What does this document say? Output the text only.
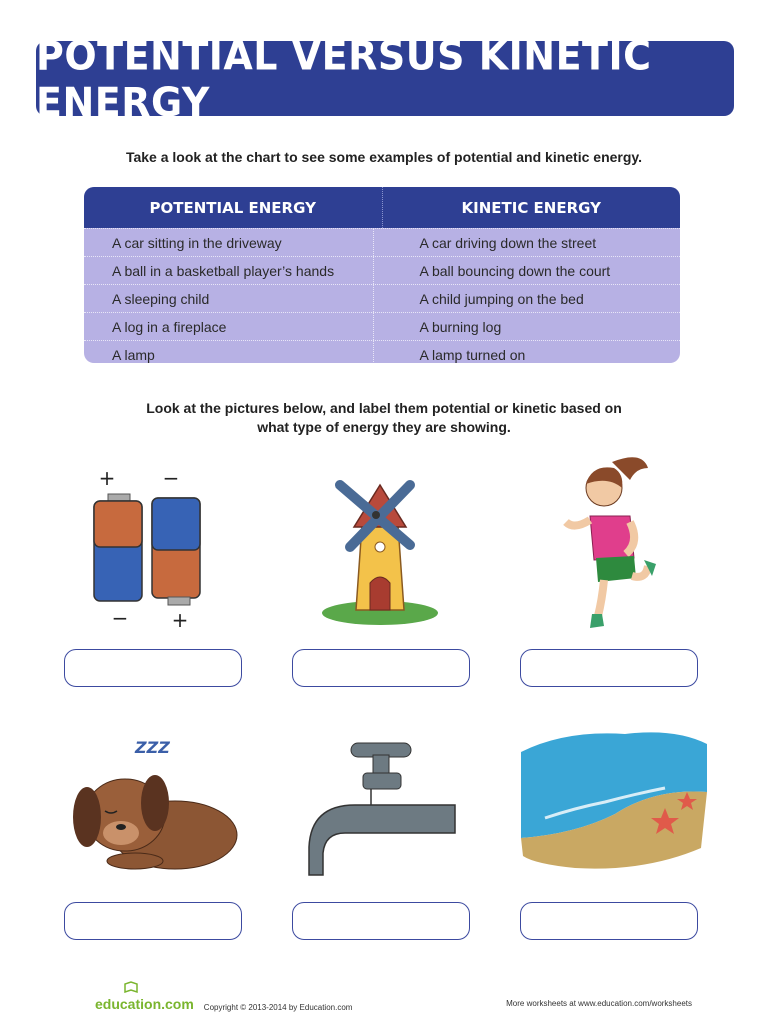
POTENTIAL VERSUS KINETIC ENERGY
Take a look at the chart to see some examples of potential and kinetic energy.
POTENTIAL ENERGY	KINETIC ENERGY
A car sitting in the driveway	A car driving down the street
A ball in a basketball player’s hands	A ball bouncing down the court
A sleeping child	A child jumping on the bed
A log in a fireplace	A burning log
A lamp	A lamp turned on
Look at the pictures below, and label them potential or kinetic based on
what type of energy they are showing.
+ −
− +
ZZZ
education.com Copyright © 2013-2014 by Education.com	More worksheets at www.education.com/worksheets
